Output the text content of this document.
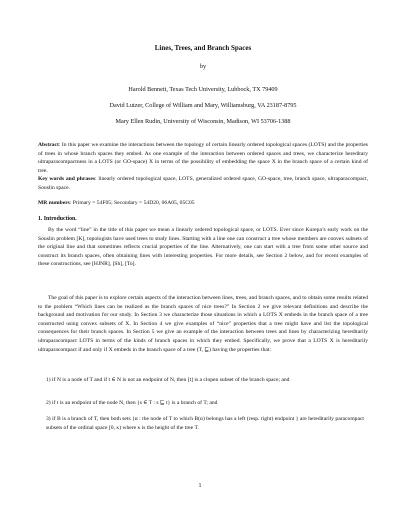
Lines, Trees, and Branch Spaces
by
Harold Bennett, Texas Tech University, Lubbock, TX 79409
David Lutzer, College of William and Mary, Williamsburg, VA 23187-8795
Mary Ellen Rudin, University of Wisconsin, Madison, WI 53706-1388

Abstract: In this paper we examine the interactions between the topology of certain linearly ordered topological spaces (LOTS) and the properties of trees in whose branch spaces they embed. As one example of the interaction between ordered spaces and trees, we characterize hereditary ultraparacompactness in a LOTS (or GO-space) X in terms of the possibility of embedding the space X in the branch space of a certain kind of tree.

Key words and phrases: linearly ordered topological space, LOTS, generalized ordered space, GO-space, tree, branch space, ultraparacompact, Souslin space.

MR numbers: Primary = 54F05; Secondary = 54D20, 06A05, 05C05

1. Introduction.

By the word “line” in the title of this paper we mean a linearly ordered topological space, or LOTS. Ever since Kurepa’s early work on the Souslin problem [K], topologists have used trees to study lines. Starting with a line one can construct a tree whose members are convex subsets of the original line and that sometimes reflects crucial properties of the line. Alternatively, one can start with a tree from some other source and construct its branch spaces, often obtaining lines with interesting properties. For more details, see Section 2 below, and for recent examples of these constructions, see [HJNR], [Sh], [To].

The goal of this paper is to explore certain aspects of the interaction between lines, trees, and branch spaces, and to obtain some results related to the problem “Which lines can be realized as the branch spaces of nice trees?” In Section 2 we give relevant definitions and describe the background and motivation for our study. In Section 3 we characterize those situations in which a LOTS X embeds in the branch space of a tree constructed using convex subsets of X. In Section 4 we give examples of “nice” properties that a tree might have and list the topological consequences for their branch spaces. In Section 5 we give an example of the interaction between trees and lines by characterizing hereditarily ultraparacompact LOTS in terms of the kinds of branch spaces in which they embed. Specifically, we prove that a LOTS X is hereditarily ultraparacompact if and only if X embeds in the branch space of a tree (T, ⊑) having the properties that:

1) if N is a node of T and if t ∈ N is not an endpoint of N, then [t] is a clopen subset of the branch space; and

2) if t is an endpoint of the node N, then {s ∈ T : s ⊑ t} is a branch of T; and

3) if B is a branch of T, then both sets {α : the node of T to which B(α) belongs has a left (resp. right) endpoint } are hereditarily paracompact subsets of the ordinal space [0, κ) where κ is the height of the tree T.

1
